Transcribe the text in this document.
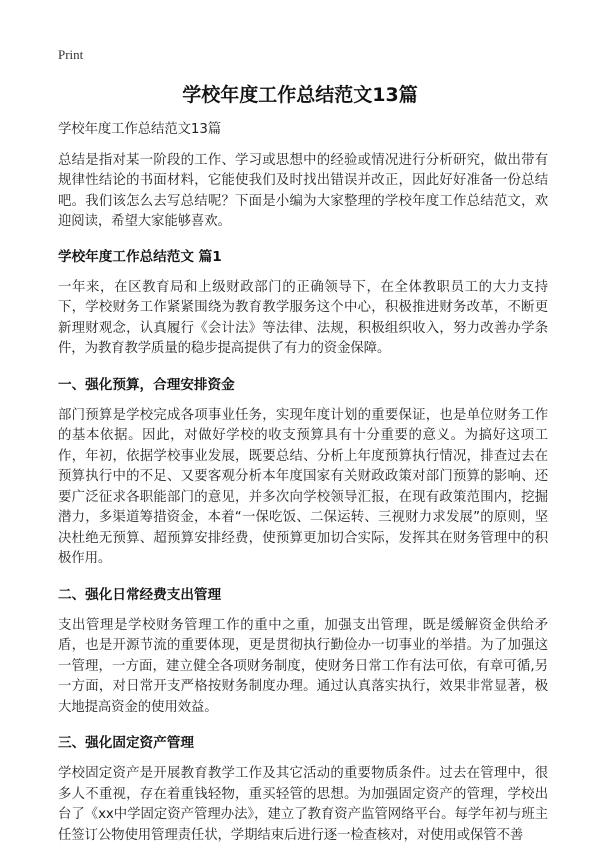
Print
学校年度工作总结范文13篇

学校年度工作总结范文13篇

总结是指对某一阶段的工作、学习或思想中的经验或情况进行分析研究，做出带有规律性结论的书面材料，它能使我们及时找出错误并改正，因此好好准备一份总结吧。我们该怎么去写总结呢？下面是小编为大家整理的学校年度工作总结范文，欢迎阅读，希望大家能够喜欢。

学校年度工作总结范文 篇1

一年来，在区教育局和上级财政部门的正确领导下，在全体教职员工的大力支持下，学校财务工作紧紧围绕为教育教学服务这个中心，积极推进财务改革，不断更新理财观念，认真履行《会计法》等法律、法规，积极组织收入，努力改善办学条件，为教育教学质量的稳步提高提供了有力的资金保障。

一、强化预算，合理安排资金

部门预算是学校完成各项事业任务，实现年度计划的重要保证，也是单位财务工作的基本依据。因此，对做好学校的收支预算具有十分重要的意义。为搞好这项工作，年初，依据学校事业发展，既要总结、分析上年度预算执行情况，排查过去在预算执行中的不足、又要客观分析本年度国家有关财政政策对部门预算的影响、还要广泛征求各职能部门的意见，并多次向学校领导汇报，在现有政策范围内，挖掘潜力，多渠道筹措资金，本着“一保吃饭、二保运转、三视财力求发展”的原则，坚决杜绝无预算、超预算安排经费，使预算更加切合实际，发挥其在财务管理中的积极作用。

二、强化日常经费支出管理

支出管理是学校财务管理工作的重中之重，加强支出管理，既是缓解资金供给矛盾，也是开源节流的重要体现，更是贯彻执行勤俭办一切事业的举措。为了加强这一管理，一方面，建立健全各项财务制度，使财务日常工作有法可依，有章可循,另一方面，对日常开支严格按财务制度办理。通过认真落实执行，效果非常显著，极大地提高资金的使用效益。

三、强化固定资产管理

学校固定资产是开展教育教学工作及其它活动的重要物质条件。过去在管理中，很多人不重视，存在着重钱轻物，重买轻管的思想。为加强固定资产的管理，学校出台了《xx中学固定资产管理办法》，建立了教育资产监管网络平台。每学年初与班主任签订公物使用管理责任状，学期结束后进行逐一检查核对，对使用或保管不善
